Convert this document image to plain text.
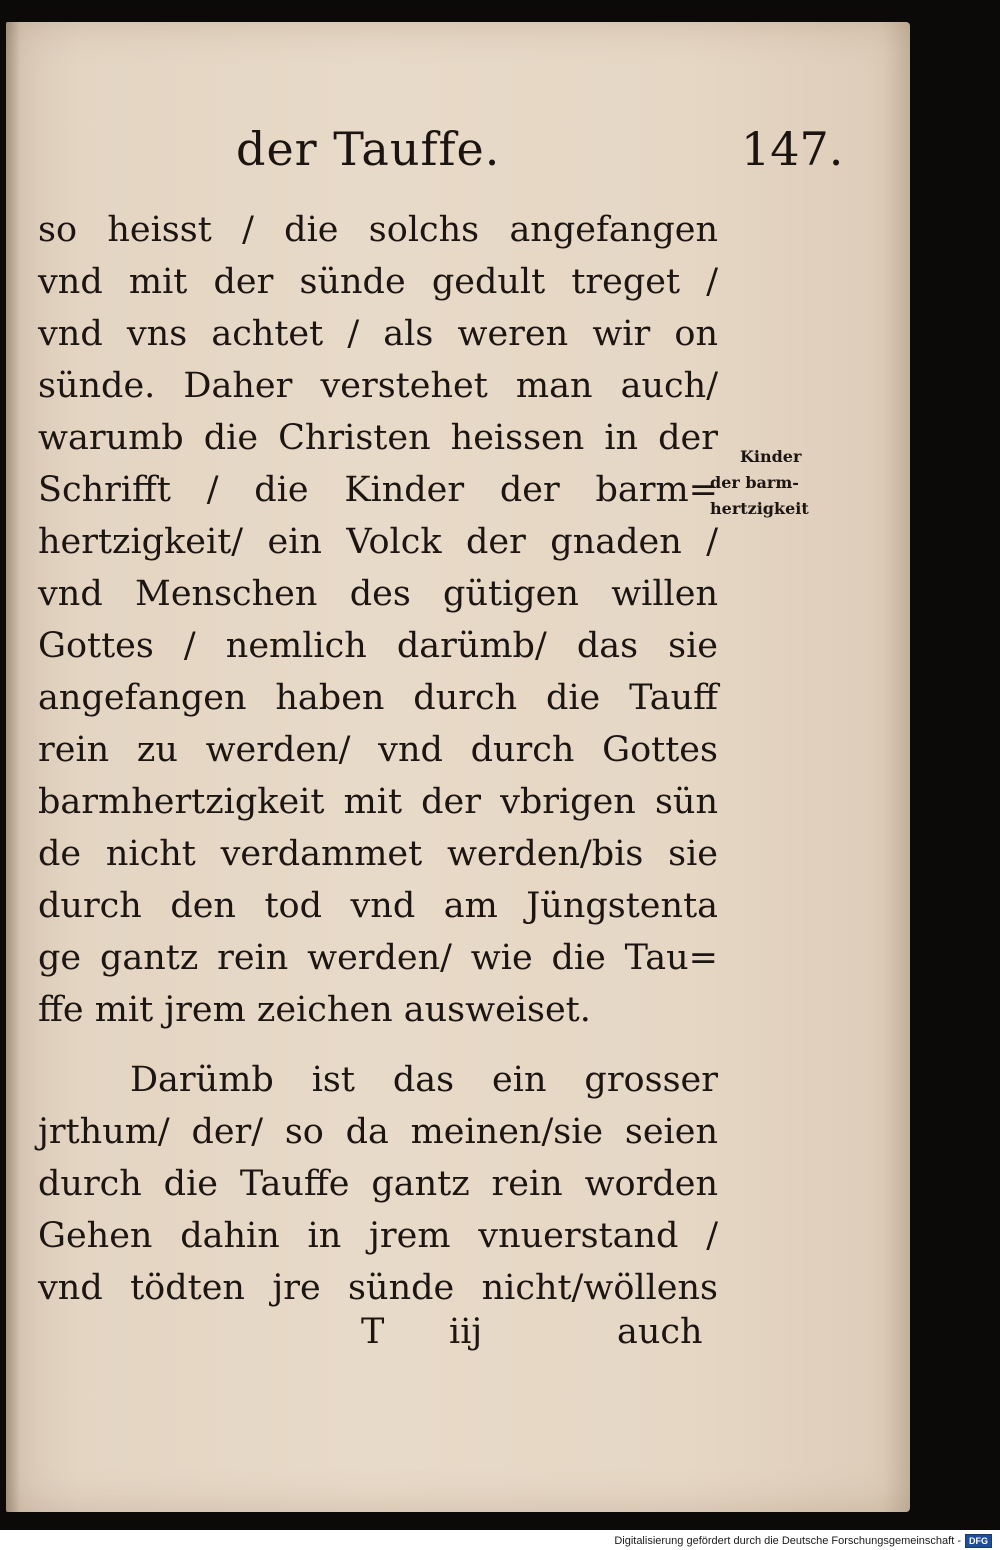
der Tauffe.	147.
so heisst / die solchs angefangen
vnd mit der sünde gedult treget /
vnd vns achtet / als weren wir on
sünde. Daher verstehet man auch/
warumb die Christen heissen in der
Schrifft / die Kinder der barm=
hertzigkeit/ ein Volck der gnaden /
vnd Menschen des gütigen willen
Gottes / nemlich darümb/ das sie
angefangen haben durch die Tauff
rein zu werden/ vnd durch Gottes
barmhertzigkeit mit der vbrigen sün
de nicht verdammet werden/bis sie
durch den tod vnd am Jüngstenta
ge gantz rein werden/ wie die Tau=
ffe mit jrem zeichen ausweiset.
Darümb ist das ein grosser
jrthum/ der/ so da meinen/sie seien
durch die Tauffe gantz rein worden
Gehen dahin in jrem vnuerstand /
vnd tödten jre sünde nicht/wöllens
Kinder
der barm-
hertzigkeit
T iij	auch
Digitalisierung gefördert durch die Deutsche Forschungsgemeinschaft - DFG
